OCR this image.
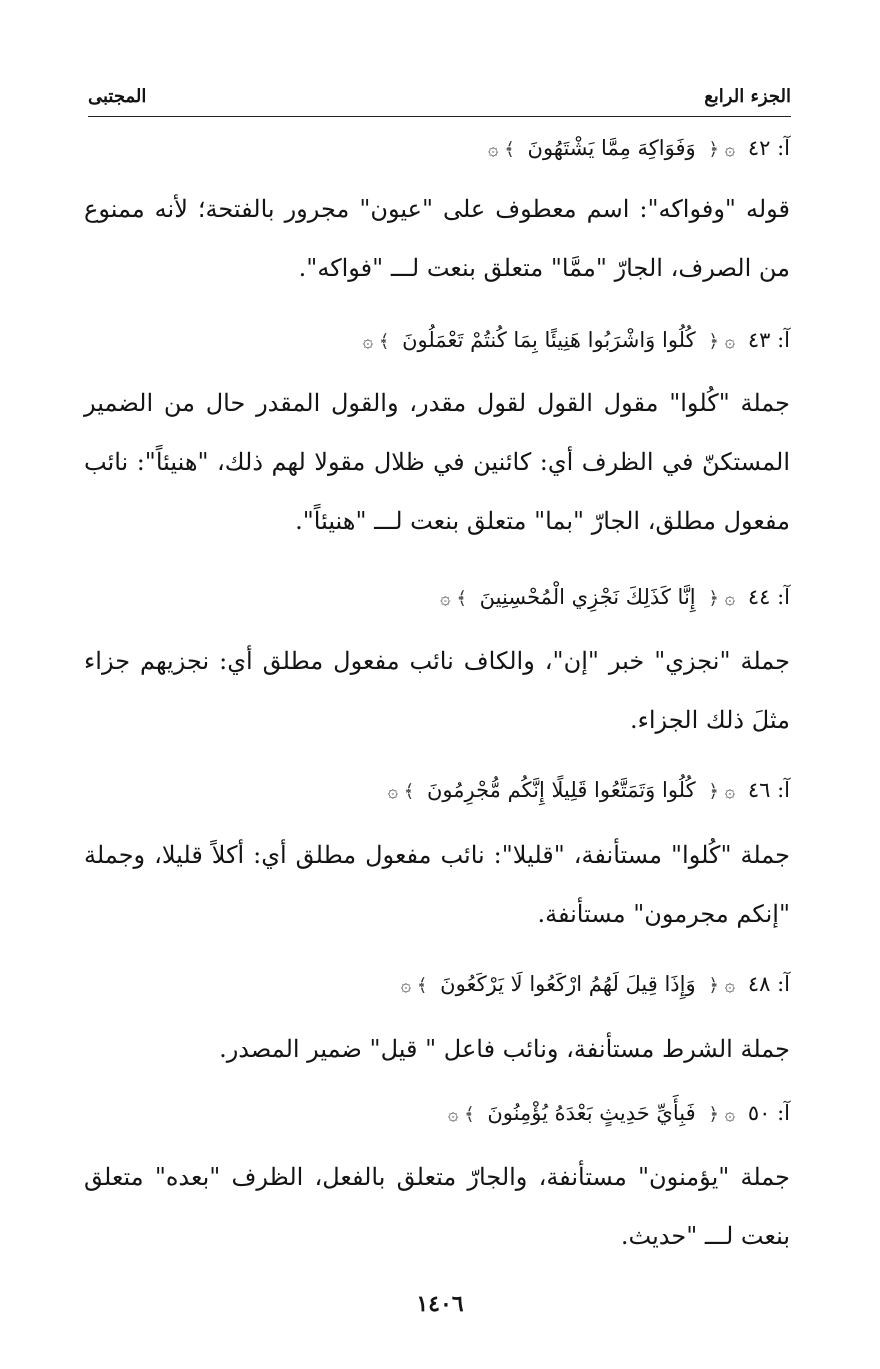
الجزء الرابع
المجتبى
آ: ٤٢ ۞ ﴿ وَفَوَاكِهَ مِمَّا يَشْتَهُونَ ﴾ ۞

قوله "وفواكه": اسم معطوف على "عيون" مجرور بالفتحة؛ لأنه ممنوع من الصرف، الجارّ "ممَّا" متعلق بنعت لـــ "فواكه".

آ: ٤٣ ۞ ﴿ كُلُوا وَاشْرَبُوا هَنِيئًا بِمَا كُنتُمْ تَعْمَلُونَ ﴾ ۞

جملة "كُلوا" مقول القول لقول مقدر، والقول المقدر حال من الضمير المستكنّ في الظرف أي: كائنين في ظلال مقولا لهم ذلك، "هنيئاً": نائب مفعول مطلق، الجارّ "بما" متعلق بنعت لـــ "هنيئاً".

آ: ٤٤ ۞ ﴿ إِنَّا كَذَلِكَ نَجْزِي الْمُحْسِنِينَ ﴾ ۞

جملة "نجزي" خبر "إن"، والكاف نائب مفعول مطلق أي: نجزيهم جزاء مثلَ ذلك الجزاء.

آ: ٤٦ ۞ ﴿ كُلُوا وَتَمَتَّعُوا قَلِيلًا إِنَّكُم مُّجْرِمُونَ ﴾ ۞

جملة "كُلوا" مستأنفة، "قليلا": نائب مفعول مطلق أي: أكلاً قليلا، وجملة "إنكم مجرمون" مستأنفة.

آ: ٤٨ ۞ ﴿ وَإِذَا قِيلَ لَهُمُ ارْكَعُوا لَا يَرْكَعُونَ ﴾ ۞

جملة الشرط مستأنفة، ونائب فاعل " قيل" ضمير المصدر.

آ: ٥٠ ۞ ﴿ فَبِأَيِّ حَدِيثٍ بَعْدَهُ يُؤْمِنُونَ ﴾ ۞

جملة "يؤمنون" مستأنفة، والجارّ متعلق بالفعل، الظرف "بعده" متعلق بنعت لـــ "حديث.

١٤٠٦
